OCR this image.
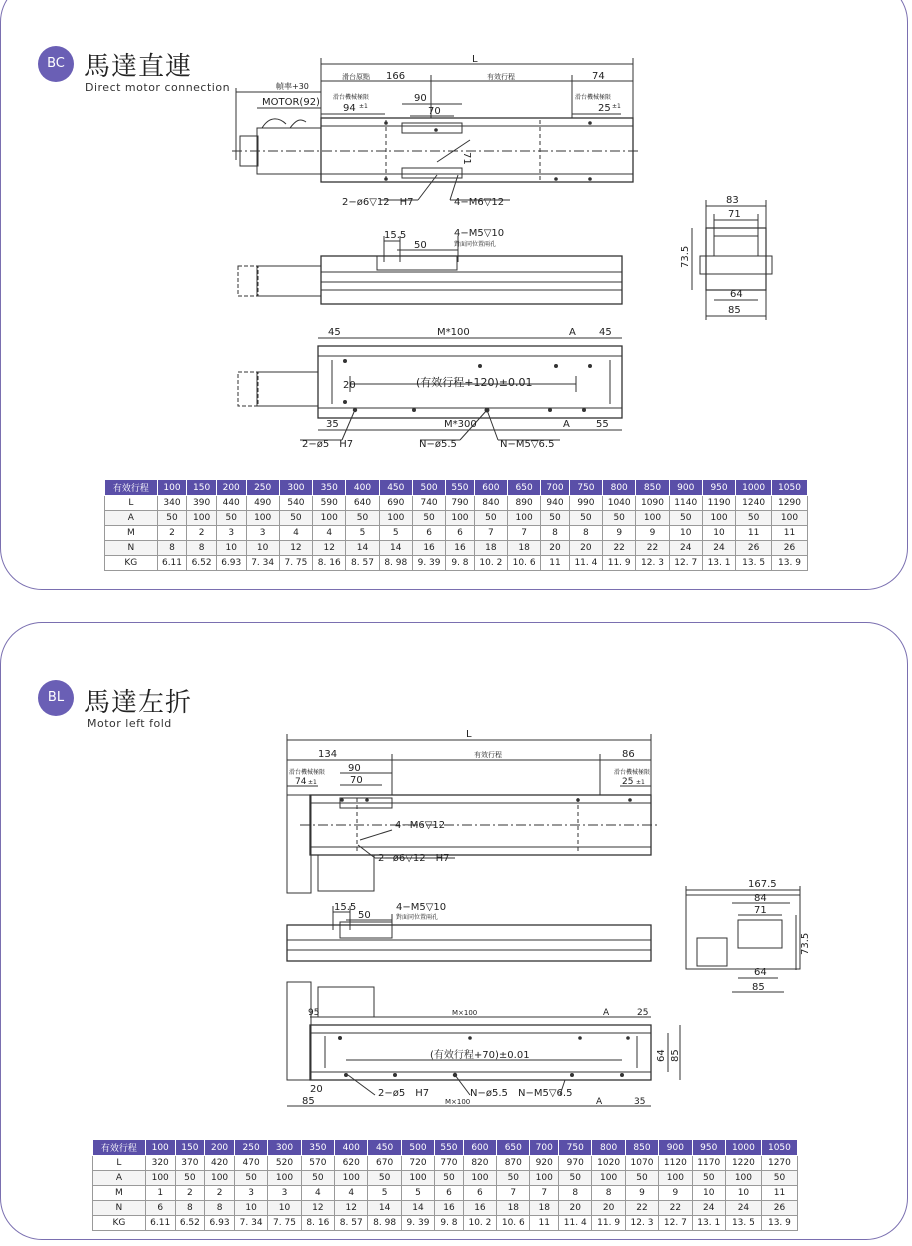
BC 馬達直連
Direct motor connection
L
滑台原點 166	有效行程	74
幀率+30
MOTOR(92) 滑台機械極限
94 ±1
滑台機械極限
25 ±1
90
70
71
2−ø6▽12　H7	4−M6▽12
15.5
50
4−M5▽10
對面同位置兩孔
83
71
73.5
64
85
45	M*100	A 45
20	(有效行程+120)±0.01
35	M*300	A	55
2−ø5　H7	N−ø5.5	N−M5▽6.5
有效行程	100	150	200	250	300	350	400	450	500	550	600	650	700	750	800	850	900	950	1000	1050
L	340	390	440	490	540	590	640	690	740	790	840	890	940	990	1040	1090	1140	1190	1240	1290
A	50	100	50	100	50	100	50	100	50	100	50	100	50	50	50	100	50	100	50	100
M	2	2	3	3	4	4	5	5	6	6	7	7	8	8	9	9	10	10	11	11
N	8	8	10	10	12	12	14	14	16	16	18	18	20	20	22	22	24	24	26	26
KG	6.11	6.52	6.93	7. 34	7. 75	8. 16	8. 57	8. 98	9. 39	9. 8	10. 2	10. 6	11	11. 4	11. 9	12. 3	12. 7	13. 1	13. 5	13. 9
BL 馬達左折
Motor left fold
L
134	有效行程	86
滑台機械極限
74 ±1
滑台機械極限
25 ±1
90
70
4−M6▽12
2−ø6▽12　H7
15.5
50
4−M5▽10
對面同位置兩孔
167.5
84
71
73.5
64
85
95	M×100	A	25
(有效行程+70)±0.01	64 85
20	2−ø5　H7	N−ø5.5 N−M5▽6.5
85	M×100	A	35
有效行程	100	150	200	250	300	350	400	450	500	550	600	650	700	750	800	850	900	950	1000	1050
L	320	370	420	470	520	570	620	670	720	770	820	870	920	970	1020	1070	1120	1170	1220	1270
A	100	50	100	50	100	50	100	50	100	50	100	50	100	50	100	50	100	50	100	50
M	1	2	2	3	3	4	4	5	5	6	6	7	7	8	8	9	9	10	10	11
N	6	8	8	10	10	12	12	14	14	16	16	18	18	20	20	22	22	24	24	26
KG	6.11	6.52	6.93	7. 34	7. 75	8. 16	8. 57	8. 98	9. 39	9. 8	10. 2	10. 6	11	11. 4	11. 9	12. 3	12. 7	13. 1	13. 5	13. 9
